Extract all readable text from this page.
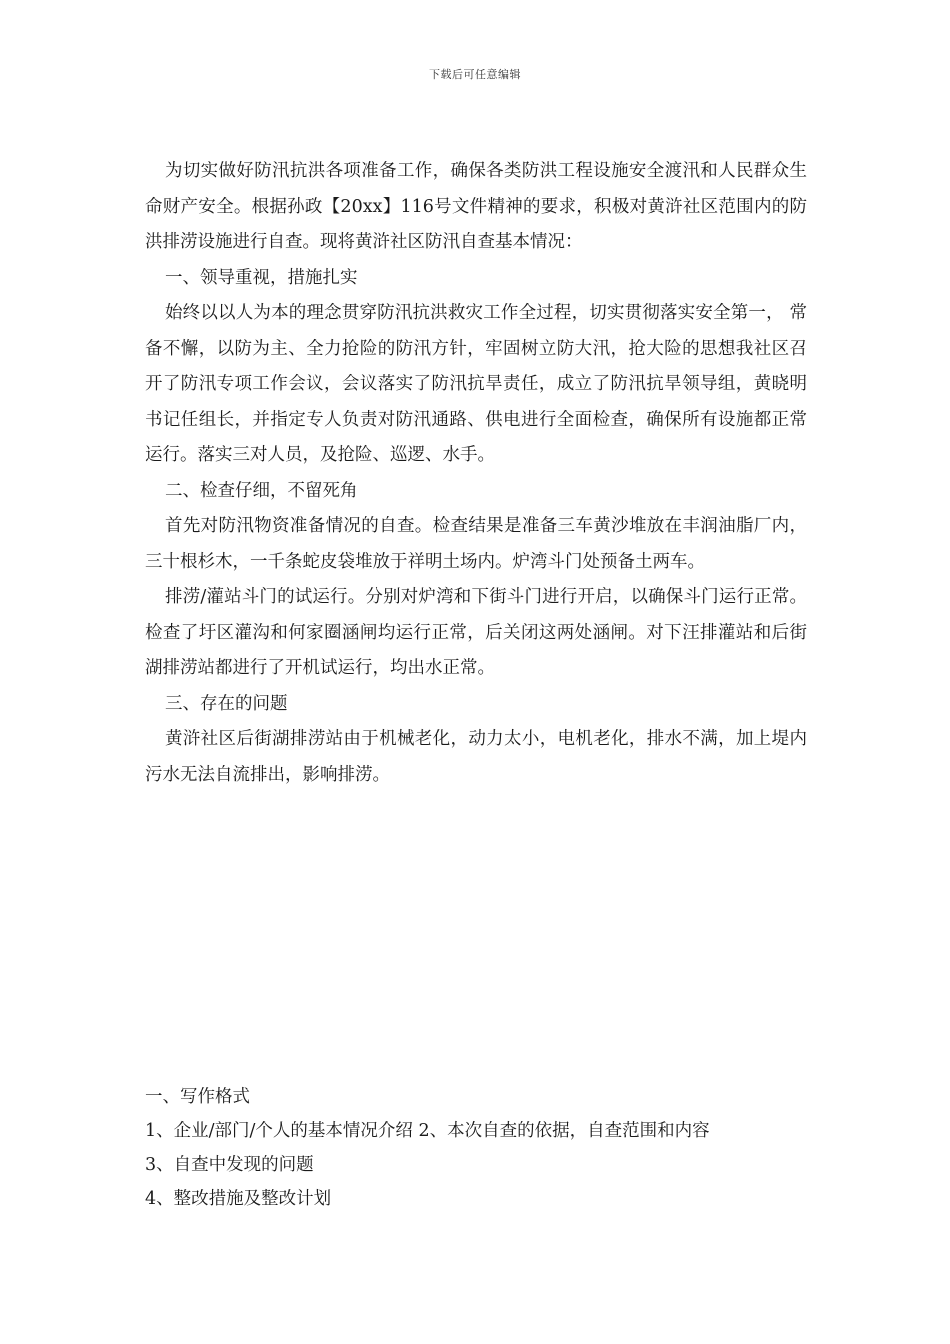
下载后可任意编辑

为切实做好防汛抗洪各项准备工作，确保各类防洪工程设施安全渡汛和人民群众生命财产安全。根据孙政【20xx】116号文件精神的要求，积极对黄浒社区范围内的防洪排涝设施进行自查。现将黄浒社区防汛自查基本情况：

一、领导重视，措施扎实

始终以以人为本的理念贯穿防汛抗洪救灾工作全过程，切实贯彻落实安全第一， 常备不懈，以防为主、全力抢险的防汛方针，牢固树立防大汛，抢大险的思想我社区召开了防汛专项工作会议，会议落实了防汛抗旱责任，成立了防汛抗旱领导组，黄晓明书记任组长，并指定专人负责对防汛通路、供电进行全面检查，确保所有设施都正常运行。落实三对人员，及抢险、巡逻、水手。

二、检查仔细，不留死角

首先对防汛物资准备情况的自查。检查结果是准备三车黄沙堆放在丰润油脂厂内，三十根杉木，一千条蛇皮袋堆放于祥明土场内。炉湾斗门处预备土两车。

排涝/灌站斗门的试运行。分别对炉湾和下街斗门进行开启，以确保斗门运行正常。检查了圩区灌沟和何家圈涵闸均运行正常，后关闭这两处涵闸。对下汪排灌站和后街湖排涝站都进行了开机试运行，均出水正常。

三、存在的问题

黄浒社区后街湖排涝站由于机械老化，动力太小，电机老化，排水不满，加上堤内污水无法自流排出，影响排涝。

一、写作格式

1、企业/部门/个人的基本情况介绍 2、本次自查的依据，自查范围和内容

3、自查中发现的问题

4、整改措施及整改计划
